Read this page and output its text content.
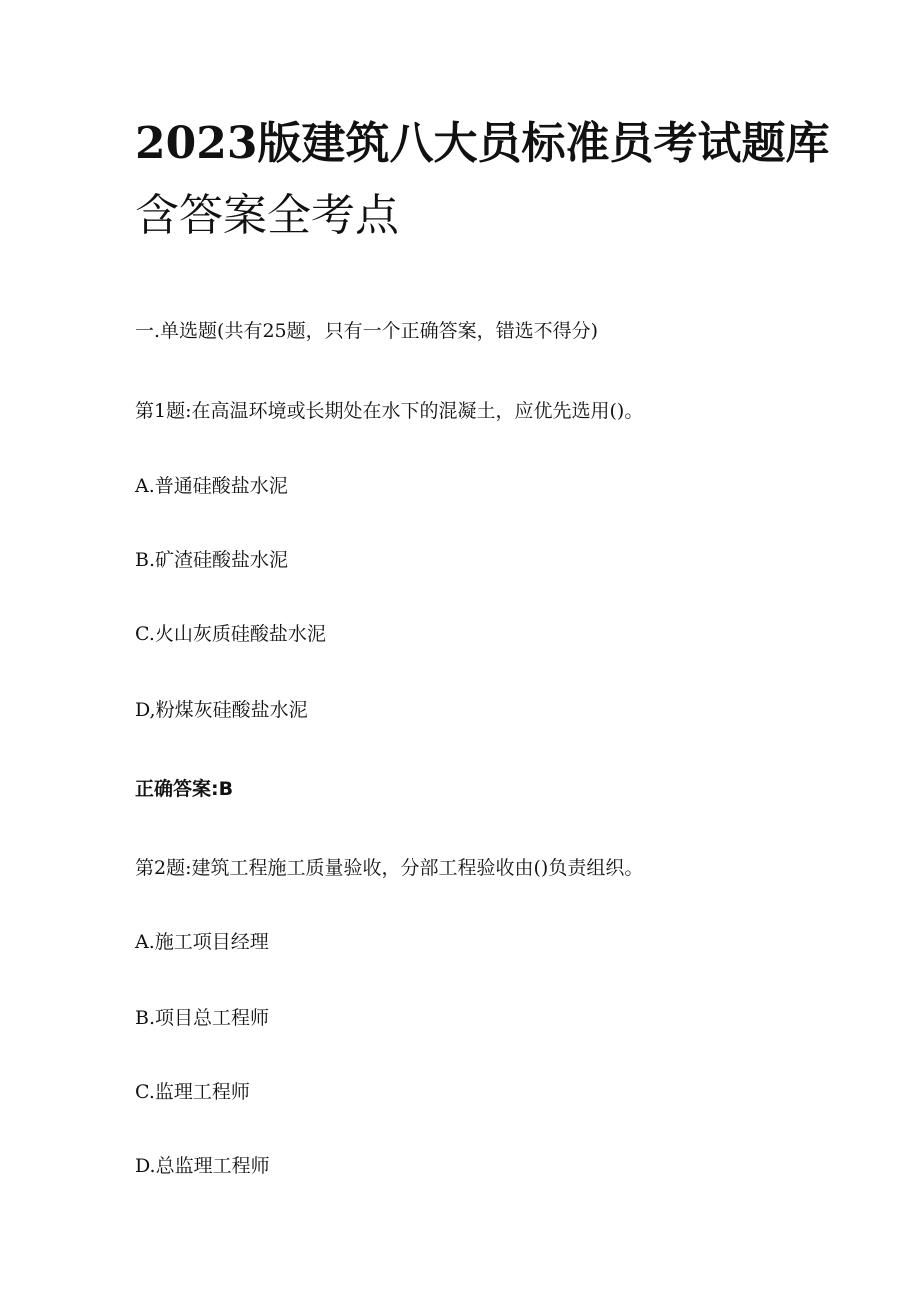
2023版建筑八大员标准员考试题库
含答案全考点

一.单选题(共有25题，只有一个正确答案，错选不得分)

第1题:在高温环境或长期处在水下的混凝土，应优先选用()。

A.普通硅酸盐水泥

B.矿渣硅酸盐水泥

C.火山灰质硅酸盐水泥

D,粉煤灰硅酸盐水泥

正确答案:B

第2题:建筑工程施工质量验收，分部工程验收由()负责组织。

A.施工项目经理

B.项目总工程师

C.监理工程师

D.总监理工程师
